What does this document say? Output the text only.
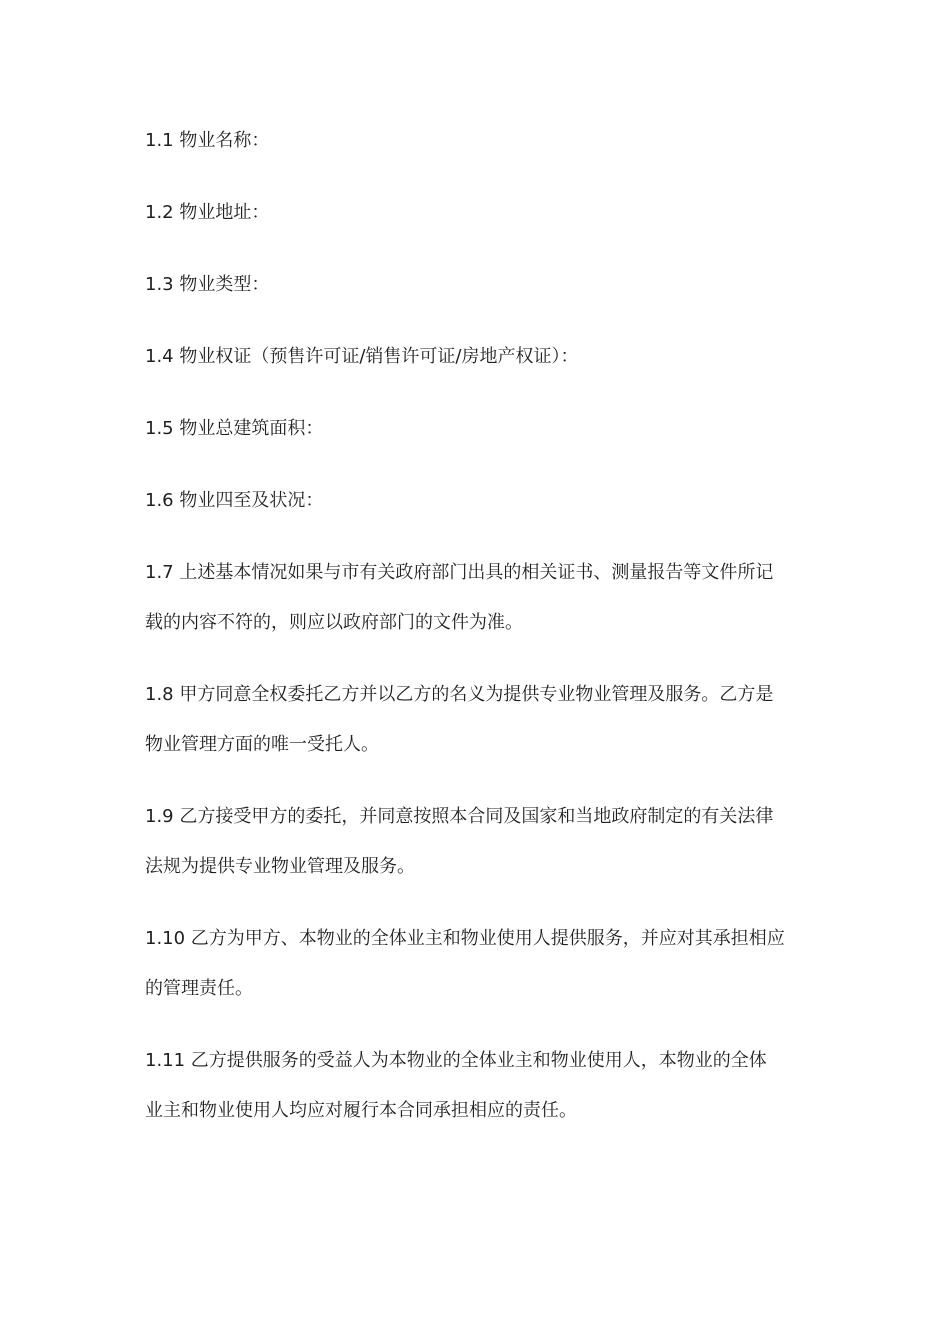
1.1 物业名称：

1.2 物业地址：

1.3 物业类型：

1.4 物业权证（预售许可证/销售许可证/房地产权证）：

1.5 物业总建筑面积：

1.6 物业四至及状况：

1.7 上述基本情况如果与市有关政府部门出具的相关证书、测量报告等文件所记
载的内容不符的，则应以政府部门的文件为准。

1.8 甲方同意全权委托乙方并以乙方的名义为提供专业物业管理及服务。乙方是
物业管理方面的唯一受托人。

1.9 乙方接受甲方的委托，并同意按照本合同及国家和当地政府制定的有关法律
法规为提供专业物业管理及服务。

1.10 乙方为甲方、本物业的全体业主和物业使用人提供服务，并应对其承担相应
的管理责任。

1.11 乙方提供服务的受益人为本物业的全体业主和物业使用人，本物业的全体
业主和物业使用人均应对履行本合同承担相应的责任。
